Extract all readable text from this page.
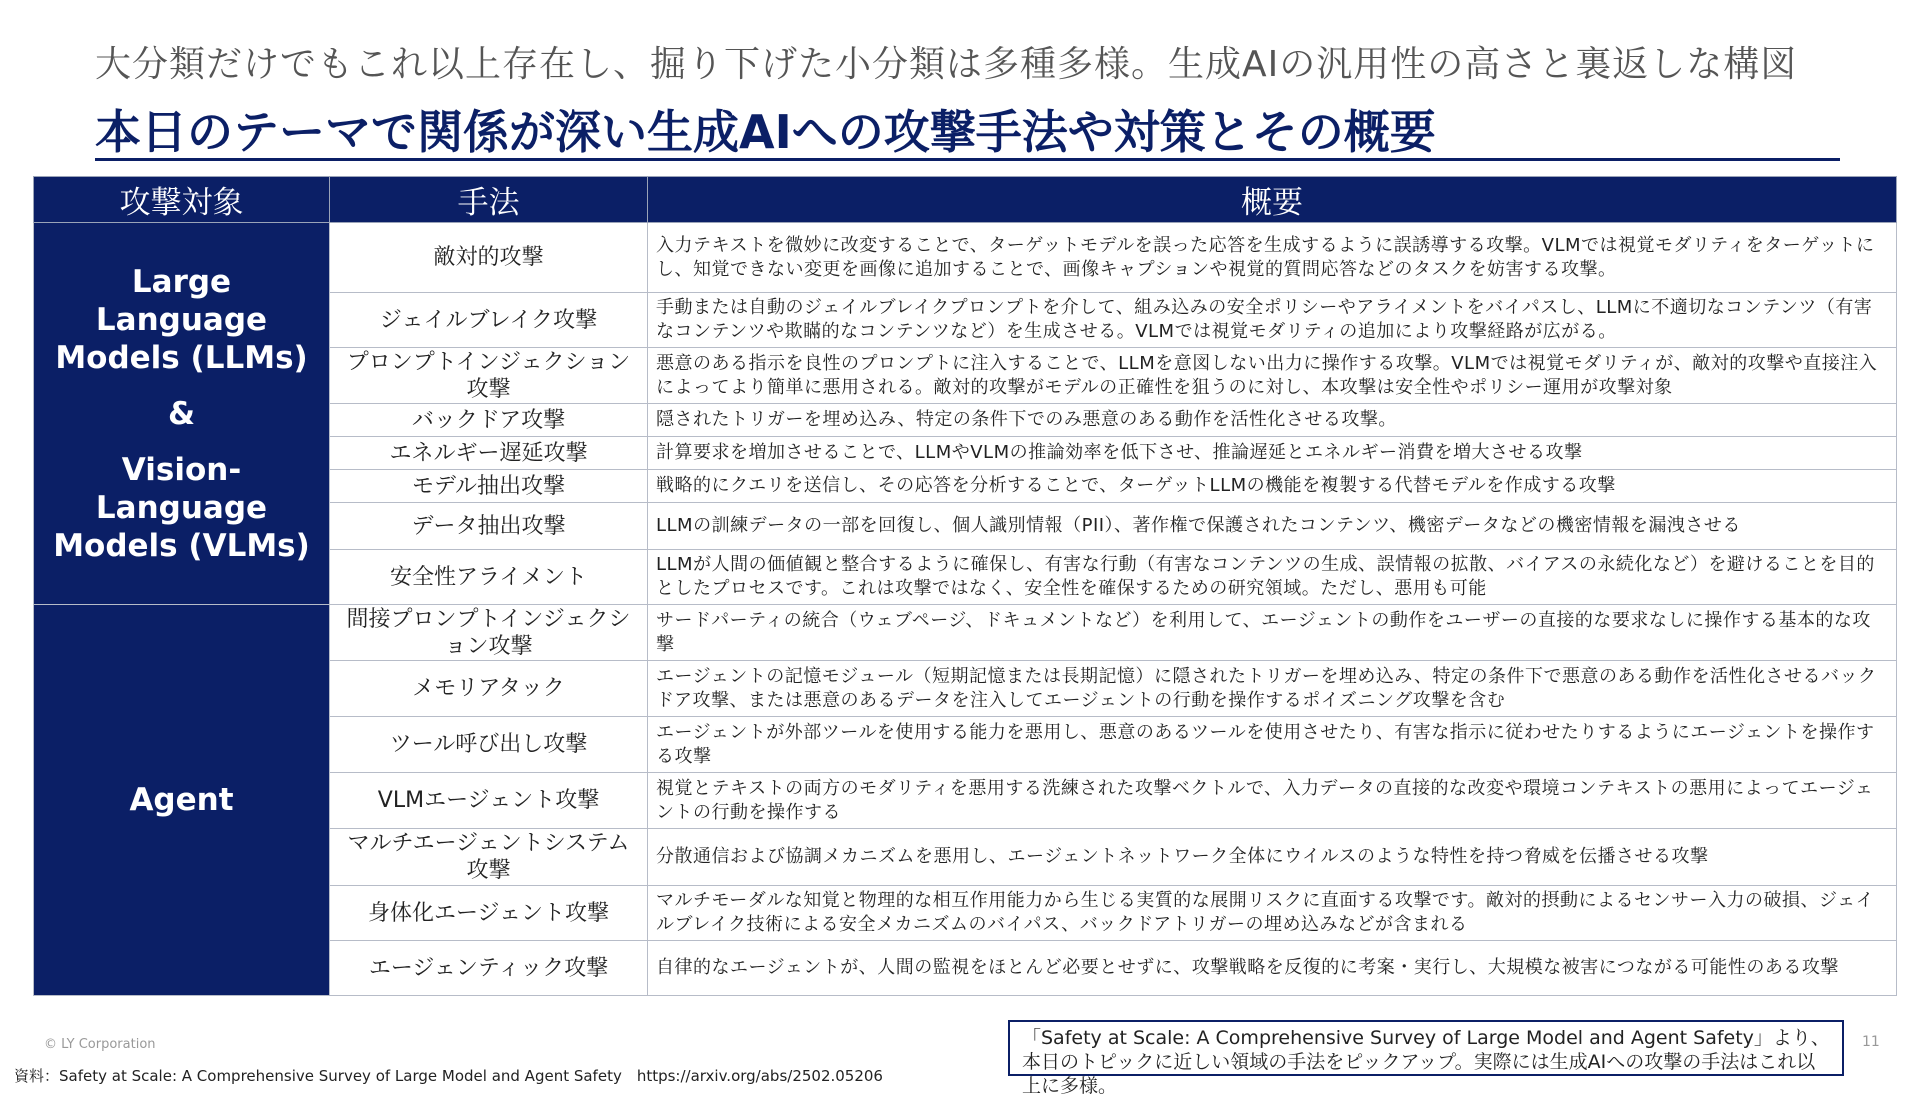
大分類だけでもこれ以上存在し、掘り下げた小分類は多種多様。生成AIの汎用性の高さと裏返しな構図
本日のテーマで関係が深い生成AIへの攻撃手法や対策とその概要
攻撃対象	手法	概要
Large Language
Models (LLMs)
&
Vision-Language
Models (VLMs)	敵対的攻撃	入力テキストを微妙に改変することで、ターゲットモデルを誤った応答を生成するように誤誘導する攻撃。VLMでは視覚モダリティをターゲットにし、知覚できない変更を画像に追加することで、画像キャプションや視覚的質問応答などのタスクを妨害する攻撃。
	ジェイルブレイク攻撃	手動または自動のジェイルブレイクプロンプトを介して、組み込みの安全ポリシーやアライメントをバイパスし、LLMに不適切なコンテンツ（有害なコンテンツや欺瞞的なコンテンツなど）を生成させる。VLMでは視覚モダリティの追加により攻撃経路が広がる。
	プロンプトインジェクション攻撃	悪意のある指示を良性のプロンプトに注入することで、LLMを意図しない出力に操作する攻撃。VLMでは視覚モダリティが、敵対的攻撃や直接注入によってより簡単に悪用される。敵対的攻撃がモデルの正確性を狙うのに対し、本攻撃は安全性やポリシー運用が攻撃対象
	バックドア攻撃	隠されたトリガーを埋め込み、特定の条件下でのみ悪意のある動作を活性化させる攻撃。
	エネルギー遅延攻撃	計算要求を増加させることで、LLMやVLMの推論効率を低下させ、推論遅延とエネルギー消費を増大させる攻撃
	モデル抽出攻撃	戦略的にクエリを送信し、その応答を分析することで、ターゲットLLMの機能を複製する代替モデルを作成する攻撃
	データ抽出攻撃	LLMの訓練データの一部を回復し、個人識別情報（PII）、著作権で保護されたコンテンツ、機密データなどの機密情報を漏洩させる
	安全性アライメント	LLMが人間の価値観と整合するように確保し、有害な行動（有害なコンテンツの生成、誤情報の拡散、バイアスの永続化など）を避けることを目的としたプロセスです。これは攻撃ではなく、安全性を確保するための研究領域。ただし、悪用も可能
Agent	間接プロンプトインジェクション攻撃	サードパーティの統合（ウェブページ、ドキュメントなど）を利用して、エージェントの動作をユーザーの直接的な要求なしに操作する基本的な攻撃
	メモリアタック	エージェントの記憶モジュール（短期記憶または長期記憶）に隠されたトリガーを埋め込み、特定の条件下で悪意のある動作を活性化させるバックドア攻撃、または悪意のあるデータを注入してエージェントの行動を操作するポイズニング攻撃を含む
	ツール呼び出し攻撃	エージェントが外部ツールを使用する能力を悪用し、悪意のあるツールを使用させたり、有害な指示に従わせたりするようにエージェントを操作する攻撃
	VLMエージェント攻撃	視覚とテキストの両方のモダリティを悪用する洗練された攻撃ベクトルで、入力データの直接的な改変や環境コンテキストの悪用によってエージェントの行動を操作する
	マルチエージェントシステム攻撃	分散通信および協調メカニズムを悪用し、エージェントネットワーク全体にウイルスのような特性を持つ脅威を伝播させる攻撃
	身体化エージェント攻撃	マルチモーダルな知覚と物理的な相互作用能力から生じる実質的な展開リスクに直面する攻撃です。敵対的摂動によるセンサー入力の破損、ジェイルブレイク技術による安全メカニズムのバイパス、バックドアトリガーの埋め込みなどが含まれる
	エージェンティック攻撃	自律的なエージェントが、人間の監視をほとんど必要とせずに、攻撃戦略を反復的に考案・実行し、大規模な被害につながる可能性のある攻撃
© LY Corporation
資料：Safety at Scale: A Comprehensive Survey of Large Model and Agent Safety　https://arxiv.org/abs/2502.05206
「Safety at Scale: A Comprehensive Survey of Large Model and Agent Safety」より、
本日のトピックに近しい領域の手法をピックアップ。実際には生成AIへの攻撃の手法はこれ以上に多様。
11
